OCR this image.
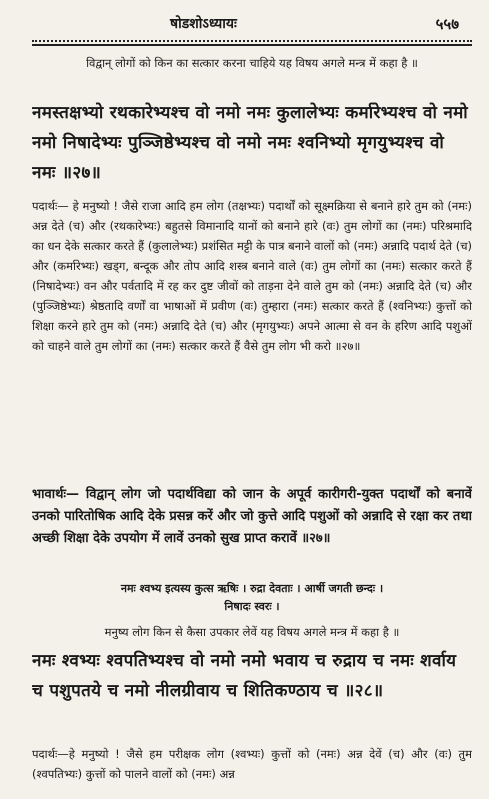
षोडशोऽध्यायः	५५७
विद्वान् लोगों को किन का सत्कार करना चाहिये यह विषय अगले मन्त्र में कहा है ॥
नमस्तक्षभ्यो रथकारेभ्यश्च वो नमो नमः कुलालेभ्यः कर्मारेभ्यश्च वो नमो नमो निषादेभ्यः पुञ्जिष्ठेभ्यश्च वो नमो नमः श्वनिभ्यो मृगयुभ्यश्च वो नमः ॥२७॥
पदार्थः— हे मनुष्यो ! जैसे राजा आदि हम लोग (तक्षभ्यः) पदार्थों को सूक्ष्मक्रिया से बनाने हारे तुम को (नमः) अन्न देते (च) और (रथकारेभ्यः) बहुतसे विमानादि यानों को बनाने हारे (वः) तुम लोगों का (नमः) परिश्रमादि का धन देके सत्कार करते हैं (कुलालेभ्यः) प्रशंसित मट्टी के पात्र बनाने वालों को (नमः) अन्नादि पदार्थ देते (च) और (कर्मारेभ्यः) खड्ग, बन्दूक और तोप आदि शस्त्र बनाने वाले (वः) तुम लोगों का (नमः) सत्कार करते हैं (निषादेभ्यः) वन और पर्वतादि में रह कर दुष्ट जीवों को ताड़ना देने वाले तुम को (नमः) अन्नादि देते (च) और (पुञ्जिष्ठेभ्यः) श्रेष्ठतादि वर्णों वा भाषाओं में प्रवीण (वः) तुम्हारा (नमः) सत्कार करते हैं (श्वनिभ्यः) कुत्तों को शिक्षा करने हारे तुम को (नमः) अन्नादि देते (च) और (मृगयुभ्यः) अपने आत्मा से वन के हरिण आदि पशुओं को चाहने वाले तुम लोगों का (नमः) सत्कार करते हैं वैसे तुम लोग भी करो ॥२७॥
भावार्थः— विद्वान् लोग जो पदार्थविद्या को जान के अपूर्व कारीगरी-युक्त पदार्थों को बनावें उनको पारितोषिक आदि देके प्रसन्न करें और जो कुत्ते आदि पशुओं को अन्नादि से रक्षा कर तथा अच्छी शिक्षा देके उपयोग में लावें उनको सुख प्राप्त करावें ॥२७॥
नमः श्वभ्य इत्यस्य कुत्स ऋषिः । रुद्रा देवताः । आर्षी जगती छन्दः ।
निषादः स्वरः ।
मनुष्य लोग किन से कैसा उपकार लेवें यह विषय अगले मन्त्र में कहा है ॥
नमः श्वभ्यः श्वपतिभ्यश्च वो नमो नमो भवाय च रुद्राय च नमः शर्वाय च पशुपतये च नमो नीलग्रीवाय च शितिकण्ठाय च ॥२८॥
पदार्थः—हे मनुष्यो ! जैसे हम परीक्षक लोग (श्वभ्यः) कुत्तों को (नमः) अन्न देवें (च) और (वः) तुम (श्वपतिभ्यः) कुत्तों को पालने वालों को (नमः) अन्न
